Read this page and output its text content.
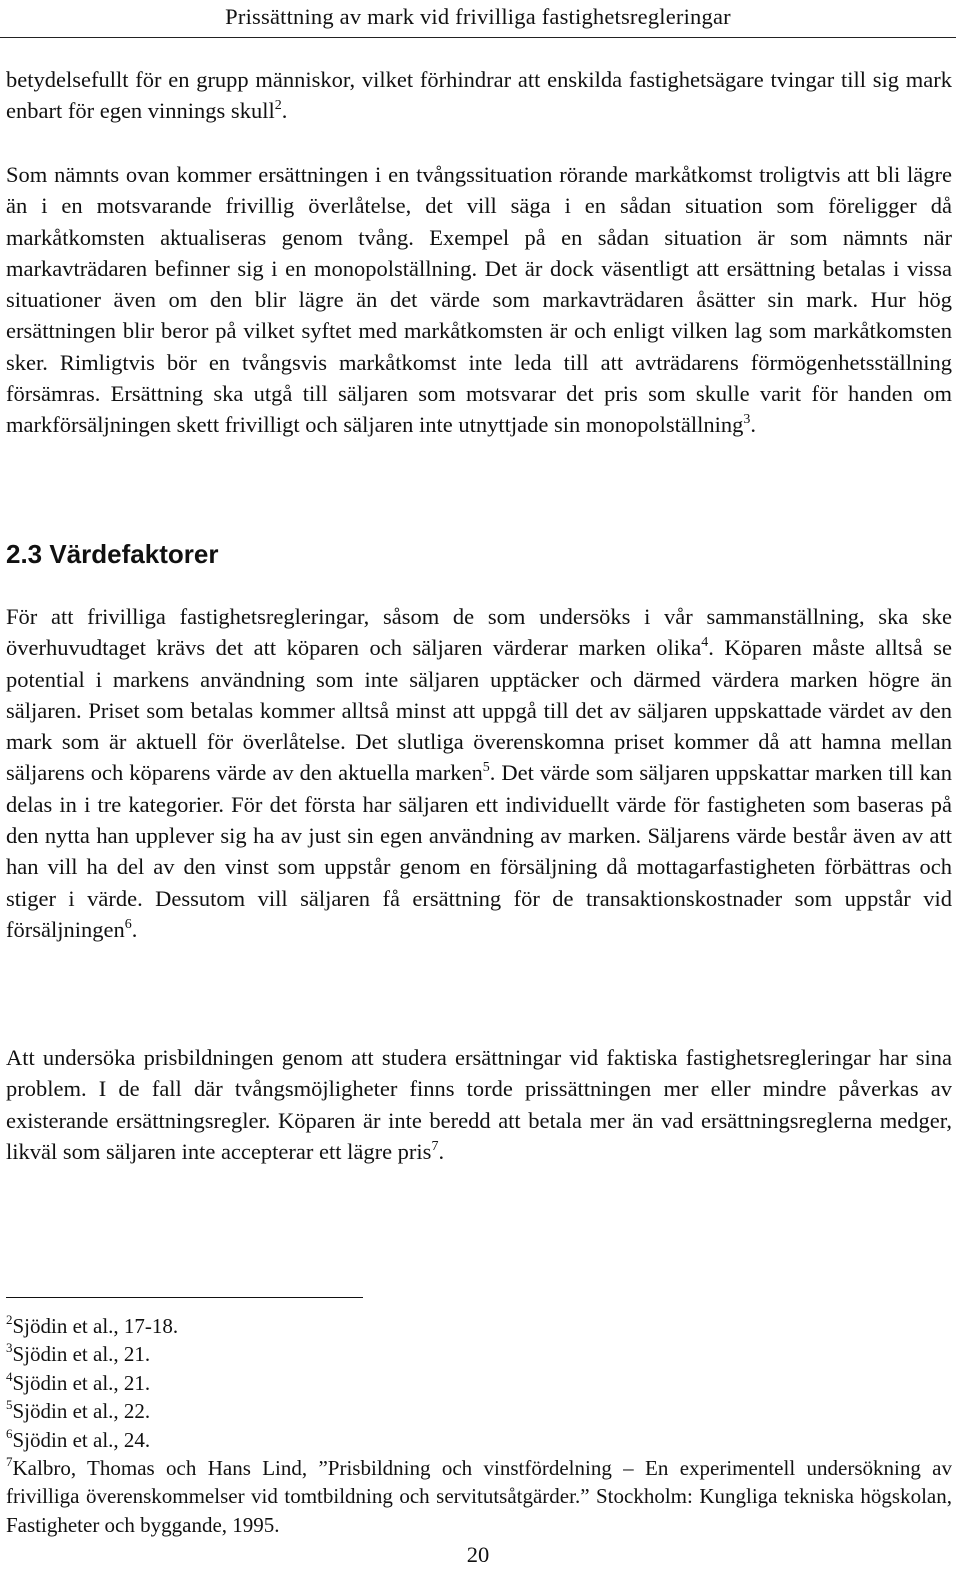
Prissättning av mark vid frivilliga fastighetsregleringar

betydelsefullt för en grupp människor, vilket förhindrar att enskilda fastighetsägare tvingar till sig mark enbart för egen vinnings skull$^2$.

Som nämnts ovan kommer ersättningen i en tvångssituation rörande markåtkomst troligtvis att bli lägre än i en motsvarande frivillig överlåtelse, det vill säga i en sådan situation som föreligger då markåtkomsten aktualiseras genom tvång. Exempel på en sådan situation är som nämnts när markavträdaren befinner sig i en monopolställning. Det är dock väsentligt att ersättning betalas i vissa situationer även om den blir lägre än det värde som markavträdaren åsätter sin mark. Hur hög ersättningen blir beror på vilket syftet med markåtkomsten är och enligt vilken lag som markåtkomsten sker. Rimligtvis bör en tvångsvis markåtkomst inte leda till att avträdarens förmögenhetsställning försämras. Ersättning ska utgå till säljaren som motsvarar det pris som skulle varit för handen om markförsäljningen skett frivilligt och säljaren inte utnyttjade sin monopolställning$^3$.

2.3 Värdefaktorer

För att frivilliga fastighetsregleringar, såsom de som undersöks i vår sammanställning, ska ske överhuvudtaget krävs det att köparen och säljaren värderar marken olika$^4$. Köparen måste alltså se potential i markens användning som inte säljaren upptäcker och därmed värdera marken högre än säljaren. Priset som betalas kommer alltså minst att uppgå till det av säljaren uppskattade värdet av den mark som är aktuell för överlåtelse. Det slutliga överenskomna priset kommer då att hamna mellan säljarens och köparens värde av den aktuella marken$^5$. Det värde som säljaren uppskattar marken till kan delas in i tre kategorier. För det första har säljaren ett individuellt värde för fastigheten som baseras på den nytta han upplever sig ha av just sin egen användning av marken. Säljarens värde består även av att han vill ha del av den vinst som uppstår genom en försäljning då mottagarfastigheten förbättras och stiger i värde. Dessutom vill säljaren få ersättning för de transaktionskostnader som uppstår vid försäljningen$^6$.

Att undersöka prisbildningen genom att studera ersättningar vid faktiska fastighetsregleringar har sina problem. I de fall där tvångsmöjligheter finns torde prissättningen mer eller mindre påverkas av existerande ersättningsregler. Köparen är inte beredd att betala mer än vad ersättningsreglerna medger, likväl som säljaren inte accepterar ett lägre pris$^7$.

$^2$Sjödin et al., 17-18.
$^3$Sjödin et al., 21.
$^4$Sjödin et al., 21.
$^5$Sjödin et al., 22.
$^6$Sjödin et al., 24.
$^7$Kalbro, Thomas och Hans Lind, ”Prisbildning och vinstfördelning – En experimentell undersökning av frivilliga överenskommelser vid tomtbildning och servitutsåtgärder.” Stockholm: Kungliga tekniska högskolan, Fastigheter och byggande, 1995.
20
